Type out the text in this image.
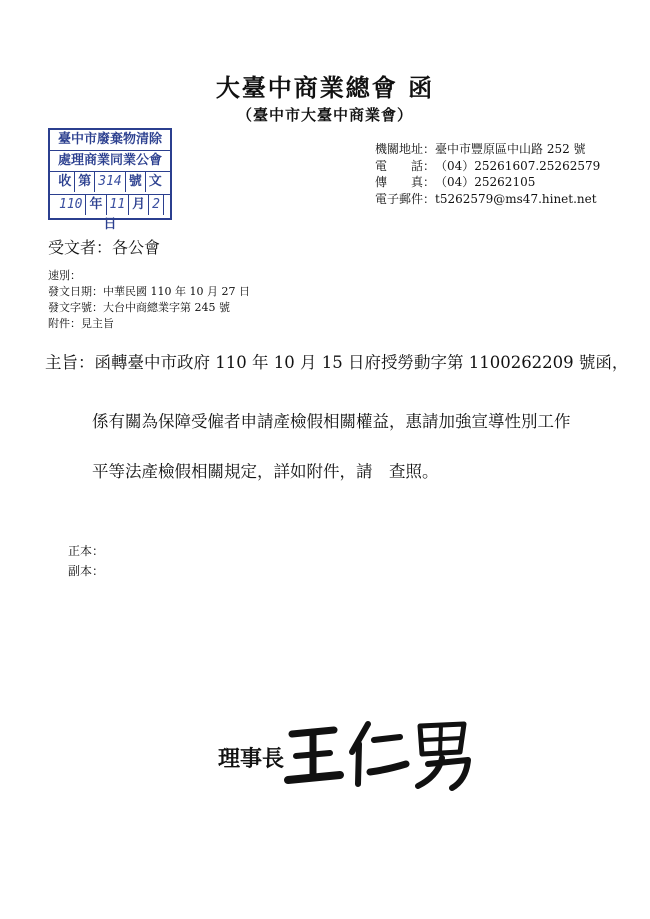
大臺中商業總會 函
（臺中市大臺中商業會）
臺中市廢棄物清除
處理商業同業公會
收 第 314 號 文
110 年 11 月 2日
機關地址：臺中市豐原區中山路 252 號
電　　話：（04）25261607.25262579
傳　　真：（04）25262105
電子郵件：t5262579@ms47.hinet.net
受文者：各公會
速別：
發文日期：中華民國 110 年 10 月 27 日
發文字號：大台中商總業字第 245 號
附件：見主旨
主旨：函轉臺中市政府 110 年 10 月 15 日府授勞動字第 1100262209 號函，
係有關為保障受僱者申請產檢假相關權益，惠請加強宣導性別工作
平等法產檢假相關規定，詳如附件，請　查照。
正本：
副本：
理事長
